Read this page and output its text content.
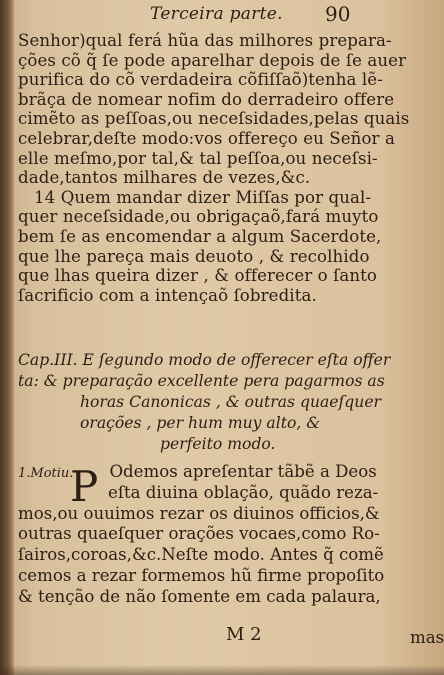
Terceira parte. 90
Senhor)qual ferá hũa das milhores prepara-
ções cõ q̃ ſe pode aparelhar depois de ſe auer
purifica do cõ verdadeira cõfiſſaõ)tenha lẽ-
brãça de nomear nofim do derradeiro offere
cimẽto as peſſoas,ou neceſsidades,pelas quais
celebrar,deſte modo:vos offereço eu Señor a
elle meſmo,por tal,& tal peſſoa,ou neceſsi-
dade,tantos milhares de vezes,&c.
14 Quem mandar dizer Miſſas por qual-
quer neceſsidade,ou obrigaçaõ,fará muyto
bem ſe as encomendar a algum Sacerdote,
que lhe pareça mais deuoto , & recolhido
que lhas queira dizer , & offerecer o ſanto
ſacrificio com a intençaõ ſobredita.
Cap.III. E ſegundo modo de offerecer eſta offer
ta: & preparação excellente pera pagarmos as
horas Canonicas , & outras quaeſquer
orações , per hum muy alto, &
perfeito modo.
1.Motiu. Odemos apreſentar tãbẽ a Deos
eſta diuina oblação, quãdo reza-
mos,ou ouuimos rezar os diuinos officios,&
outras quaeſquer orações vocaes,como Ro-
ſairos,coroas,&c.Neſte modo. Antes q̃ comẽ
cemos a rezar formemos hũ firme propoſito
& tenção de não ſomente em cada palaura,
P
M 2	mas
